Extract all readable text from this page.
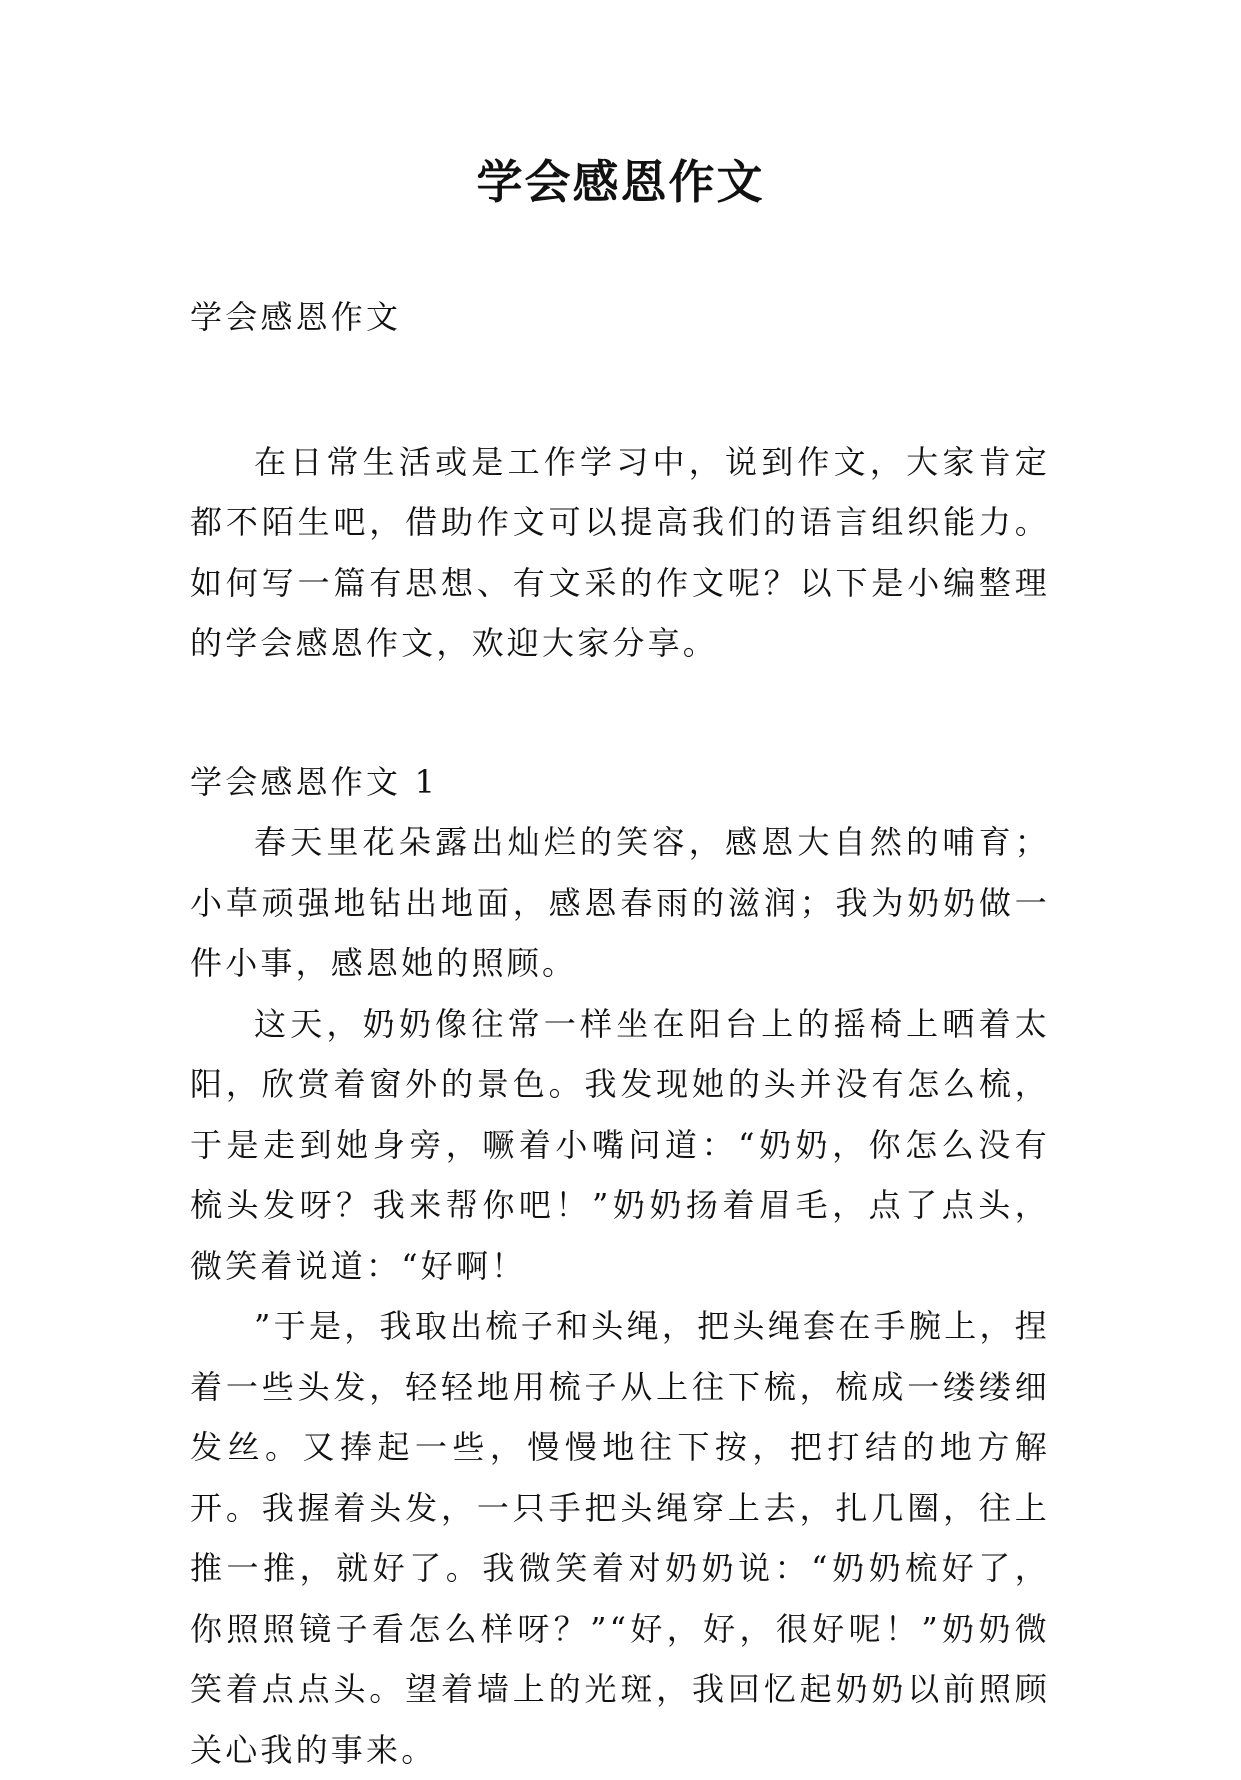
学会感恩作文

学会感恩作文

在日常生活或是工作学习中，说到作文，大家肯定都不陌生吧，借助作文可以提高我们的语言组织能力。如何写一篇有思想、有文采的作文呢？以下是小编整理的学会感恩作文，欢迎大家分享。

学会感恩作文 1

春天里花朵露出灿烂的笑容，感恩大自然的哺育；小草顽强地钻出地面，感恩春雨的滋润；我为奶奶做一件小事，感恩她的照顾。

这天，奶奶像往常一样坐在阳台上的摇椅上晒着太阳，欣赏着窗外的景色。我发现她的头并没有怎么梳，于是走到她身旁，噘着小嘴问道：“奶奶，你怎么没有梳头发呀？我来帮你吧！”奶奶扬着眉毛，点了点头，微笑着说道：“好啊！

”于是，我取出梳子和头绳，把头绳套在手腕上，捏着一些头发，轻轻地用梳子从上往下梳，梳成一缕缕细发丝。又捧起一些，慢慢地往下按，把打结的地方解开。我握着头发，一只手把头绳穿上去，扎几圈，往上推一推，就好了。我微笑着对奶奶说：“奶奶梳好了，你照照镜子看怎么样呀？”“好，好，很好呢！”奶奶微笑着点点头。望着墙上的光斑，我回忆起奶奶以前照顾关心我的事来。
